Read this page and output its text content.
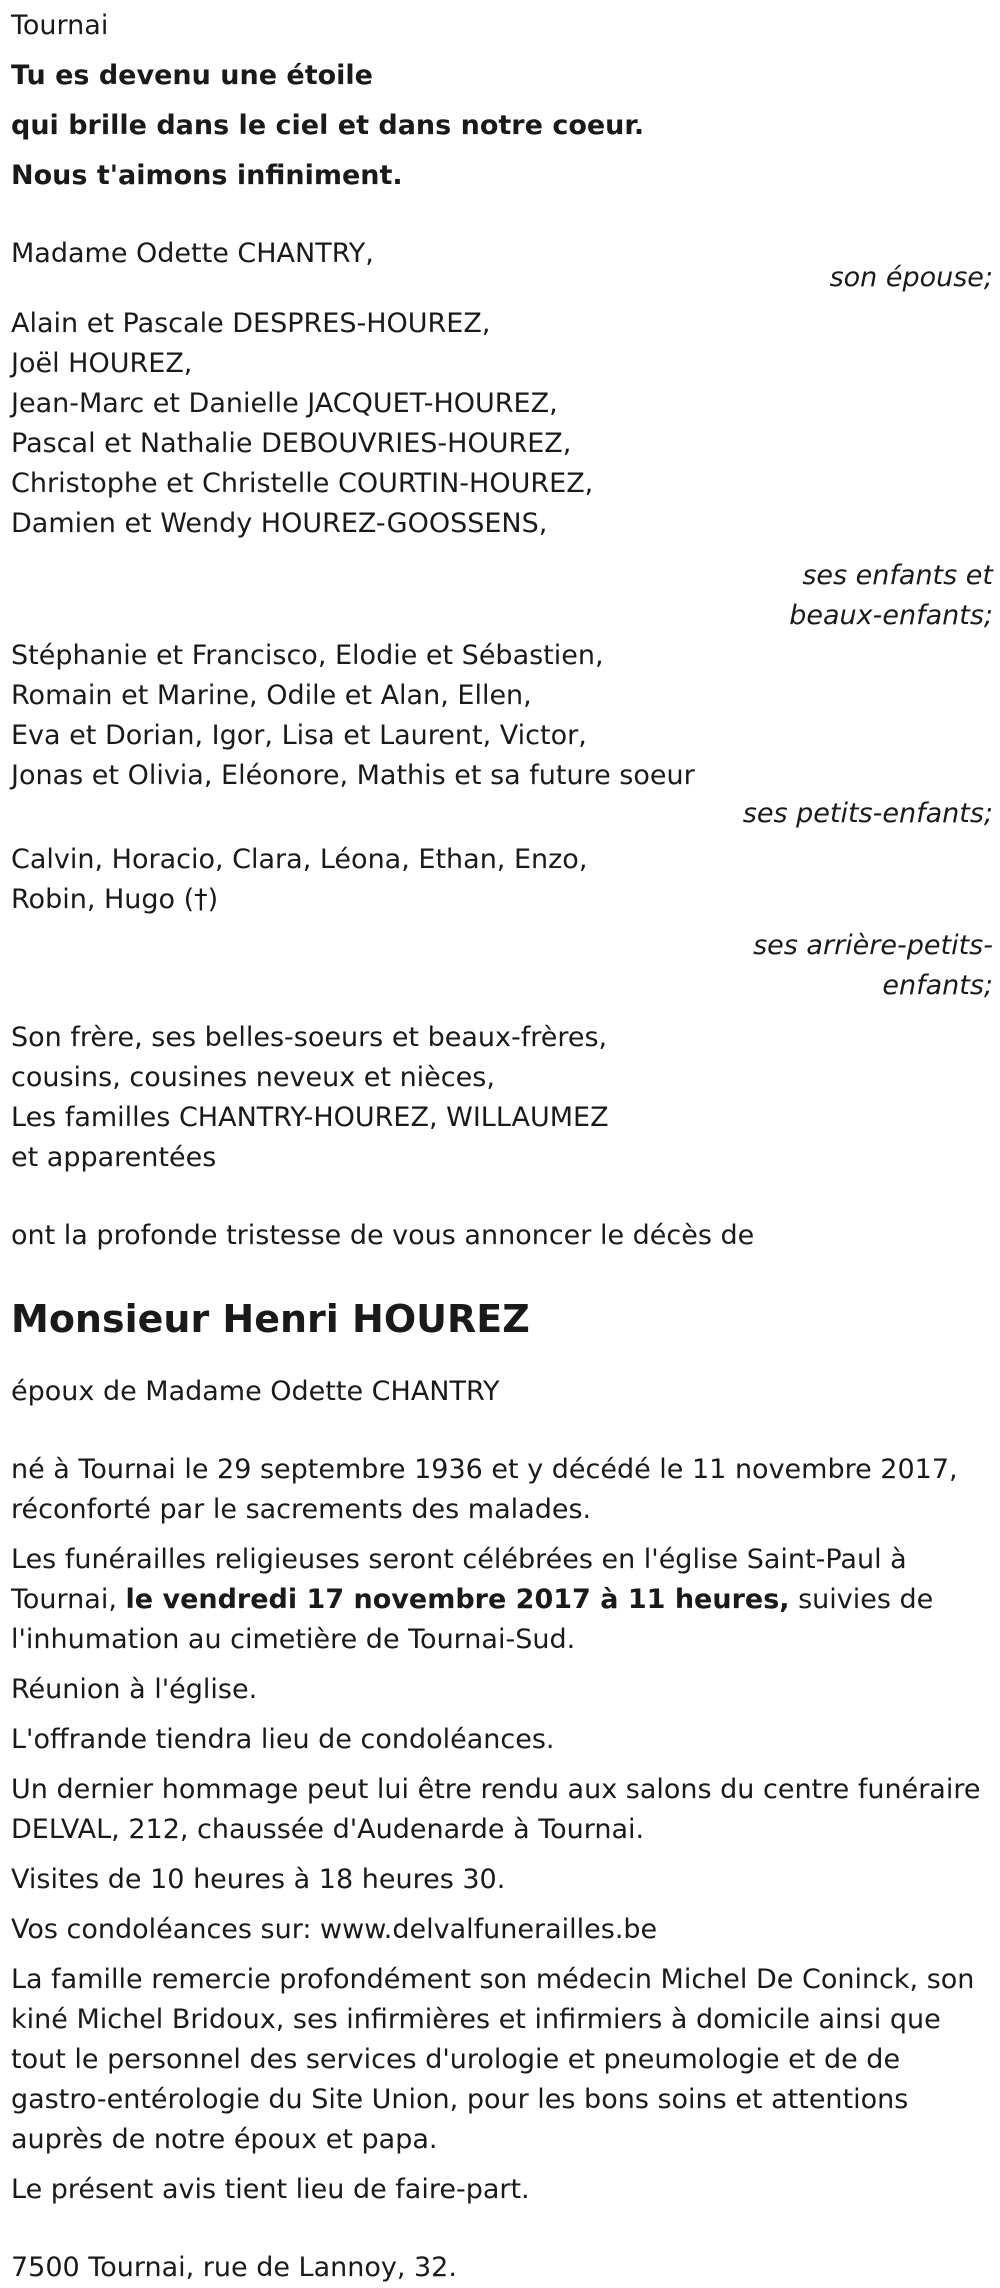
Tournai
Tu es devenu une étoile
qui brille dans le ciel et dans notre coeur.
Nous t'aimons infiniment.
Madame Odette CHANTRY,
son épouse;
Alain et Pascale DESPRES-HOUREZ,
Joël HOUREZ,
Jean-Marc et Danielle JACQUET-HOUREZ,
Pascal et Nathalie DEBOUVRIES-HOUREZ,
Christophe et Christelle COURTIN-HOUREZ,
Damien et Wendy HOUREZ-GOOSSENS,
ses enfants et
beaux-enfants;
Stéphanie et Francisco, Elodie et Sébastien,
Romain et Marine, Odile et Alan, Ellen,
Eva et Dorian, Igor, Lisa et Laurent, Victor,
Jonas et Olivia, Eléonore, Mathis et sa future soeur
ses petits-enfants;
Calvin, Horacio, Clara, Léona, Ethan, Enzo,
Robin, Hugo (†)
ses arrière-petits-
enfants;
Son frère, ses belles-soeurs et beaux-frères,
cousins, cousines neveux et nièces,
Les familles CHANTRY-HOUREZ, WILLAUMEZ
et apparentées
ont la profonde tristesse de vous annoncer le décès de
Monsieur Henri HOUREZ
époux de Madame Odette CHANTRY
né à Tournai le 29 septembre 1936 et y décédé le 11 novembre 2017,
réconforté par le sacrements des malades.
Les funérailles religieuses seront célébrées en l'église Saint-Paul à
Tournai, le vendredi 17 novembre 2017 à 11 heures, suivies de
l'inhumation au cimetière de Tournai-Sud.
Réunion à l'église.
L'offrande tiendra lieu de condoléances.
Un dernier hommage peut lui être rendu aux salons du centre funéraire
DELVAL, 212, chaussée d'Audenarde à Tournai.
Visites de 10 heures à 18 heures 30.
Vos condoléances sur: www.delvalfunerailles.be
La famille remercie profondément son médecin Michel De Coninck, son
kiné Michel Bridoux, ses infirmières et infirmiers à domicile ainsi que
tout le personnel des services d'urologie et pneumologie et de de
gastro-entérologie du Site Union, pour les bons soins et attentions
auprès de notre époux et papa.
Le présent avis tient lieu de faire-part.
7500 Tournai, rue de Lannoy, 32.
